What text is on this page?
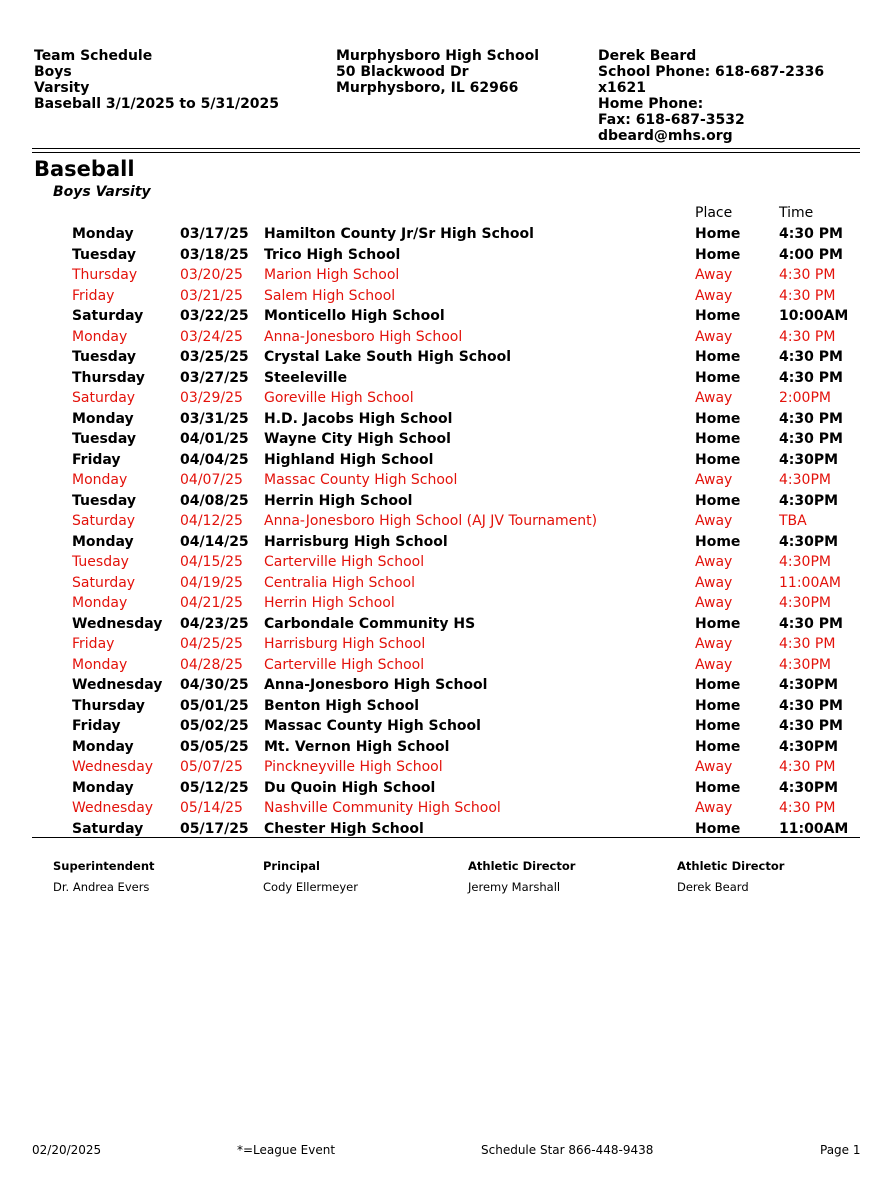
Team Schedule
Boys
Varsity
Baseball 3/1/2025 to 5/31/2025
Murphysboro High School
50 Blackwood Dr
Murphysboro, IL 62966
Derek Beard
School Phone: 618-687-2336
x1621
Home Phone:
Fax: 618-687-3532
dbeard@mhs.org
Baseball
Boys Varsity
Place	Time
Monday	03/17/25 Hamilton County Jr/Sr High School	Home	4:30 PM
Tuesday	03/18/25 Trico High School	Home	4:00 PM
Thursday	03/20/25 Marion High School	Away	4:30 PM
Friday	03/21/25 Salem High School	Away	4:30 PM
Saturday	03/22/25 Monticello High School	Home	10:00AM
Monday	03/24/25 Anna-Jonesboro High School	Away	4:30 PM
Tuesday	03/25/25 Crystal Lake South High School	Home	4:30 PM
Thursday	03/27/25 Steeleville	Home	4:30 PM
Saturday	03/29/25 Goreville High School	Away	2:00PM
Monday	03/31/25 H.D. Jacobs High School	Home	4:30 PM
Tuesday	04/01/25 Wayne City High School	Home	4:30 PM
Friday	04/04/25 Highland High School	Home	4:30PM
Monday	04/07/25 Massac County High School	Away	4:30PM
Tuesday	04/08/25 Herrin High School	Home	4:30PM
Saturday	04/12/25 Anna-Jonesboro High School (AJ JV Tournament)	Away	TBA
Monday	04/14/25 Harrisburg High School	Home	4:30PM
Tuesday	04/15/25 Carterville High School	Away	4:30PM
Saturday	04/19/25 Centralia High School	Away	11:00AM
Monday	04/21/25 Herrin High School	Away	4:30PM
Wednesday 04/23/25 Carbondale Community HS	Home	4:30 PM
Friday	04/25/25 Harrisburg High School	Away	4:30 PM
Monday	04/28/25 Carterville High School	Away	4:30PM
Wednesday 04/30/25 Anna-Jonesboro High School	Home	4:30PM
Thursday	05/01/25 Benton High School	Home	4:30 PM
Friday	05/02/25 Massac County High School	Home	4:30 PM
Monday	05/05/25 Mt. Vernon High School	Home	4:30PM
Wednesday 05/07/25 Pinckneyville High School	Away	4:30 PM
Monday	05/12/25 Du Quoin High School	Home	4:30PM
Wednesday 05/14/25 Nashville Community High School	Away	4:30 PM
Saturday	05/17/25 Chester High School	Home	11:00AM
Superintendent
Dr. Andrea Evers
Principal
Cody Ellermeyer
Athletic Director
Jeremy Marshall
Athletic Director
Derek Beard
02/20/2025	*=League Event	Schedule Star 866-448-9438	Page 1
